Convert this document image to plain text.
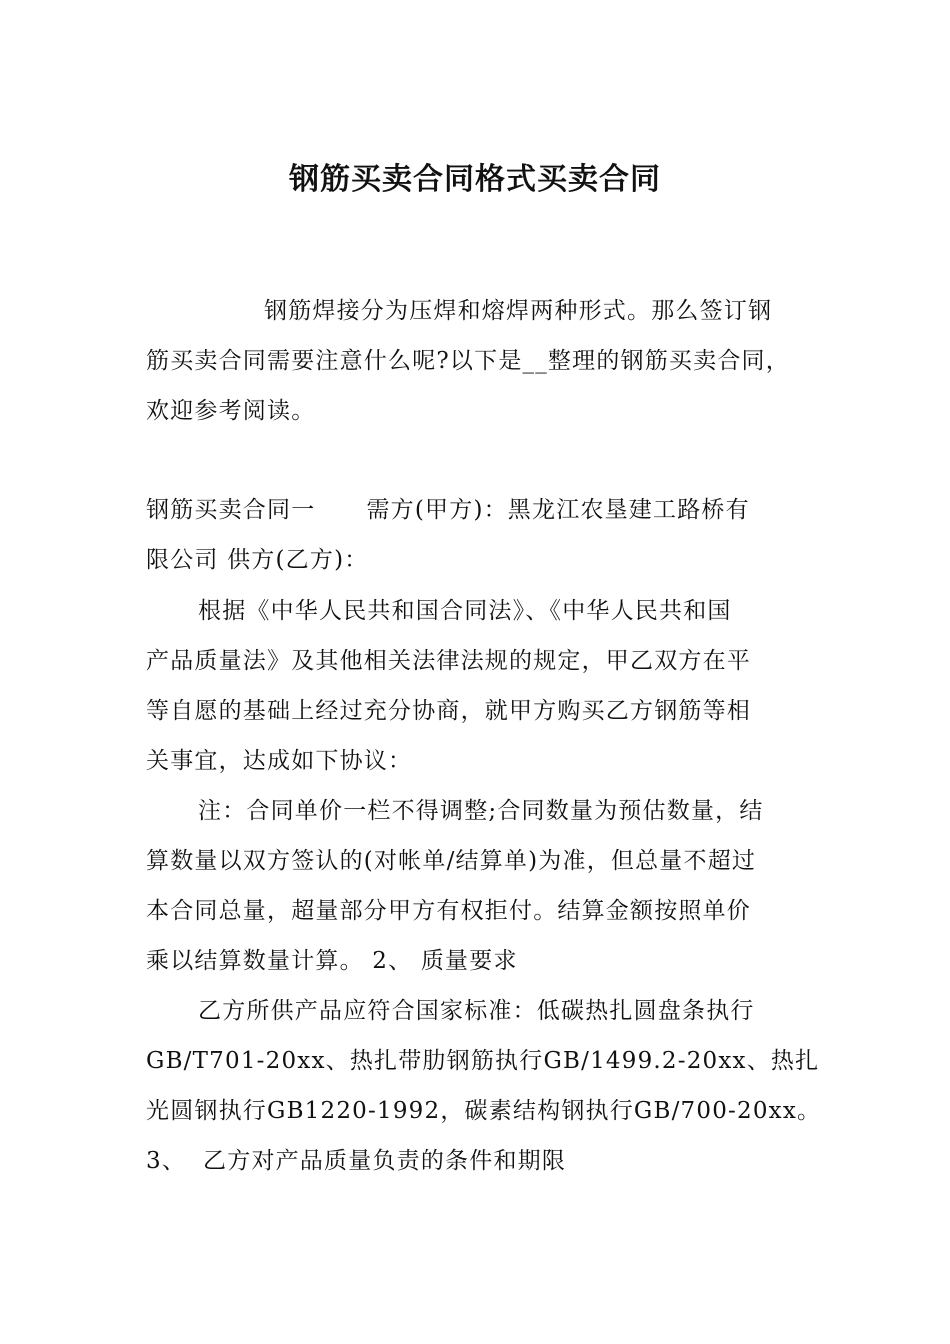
钢筋买卖合同格式买卖合同
钢筋焊接分为压焊和熔焊两种形式。那么签订钢
筋买卖合同需要注意什么呢?以下是__整理的钢筋买卖合同，
欢迎参考阅读。
钢筋买卖合同一      需方(甲方)：黑龙江农垦建工路桥有
限公司 供方(乙方)：
根据《中华人民共和国合同法》、《中华人民共和国
产品质量法》及其他相关法律法规的规定，甲乙双方在平
等自愿的基础上经过充分协商，就甲方购买乙方钢筋等相
关事宜，达成如下协议：
注：合同单价一栏不得调整;合同数量为预估数量，结
算数量以双方签认的(对帐单/结算单)为准，但总量不超过
本合同总量，超量部分甲方有权拒付。结算金额按照单价
乘以结算数量计算。 2、 质量要求
乙方所供产品应符合国家标准：低碳热扎圆盘条执行
GB/T701-20xx、热扎带肋钢筋执行GB/1499.2-20xx、热扎
光圆钢执行GB1220-1992，碳素结构钢执行GB/700-20xx。
3、  乙方对产品质量负责的条件和期限
